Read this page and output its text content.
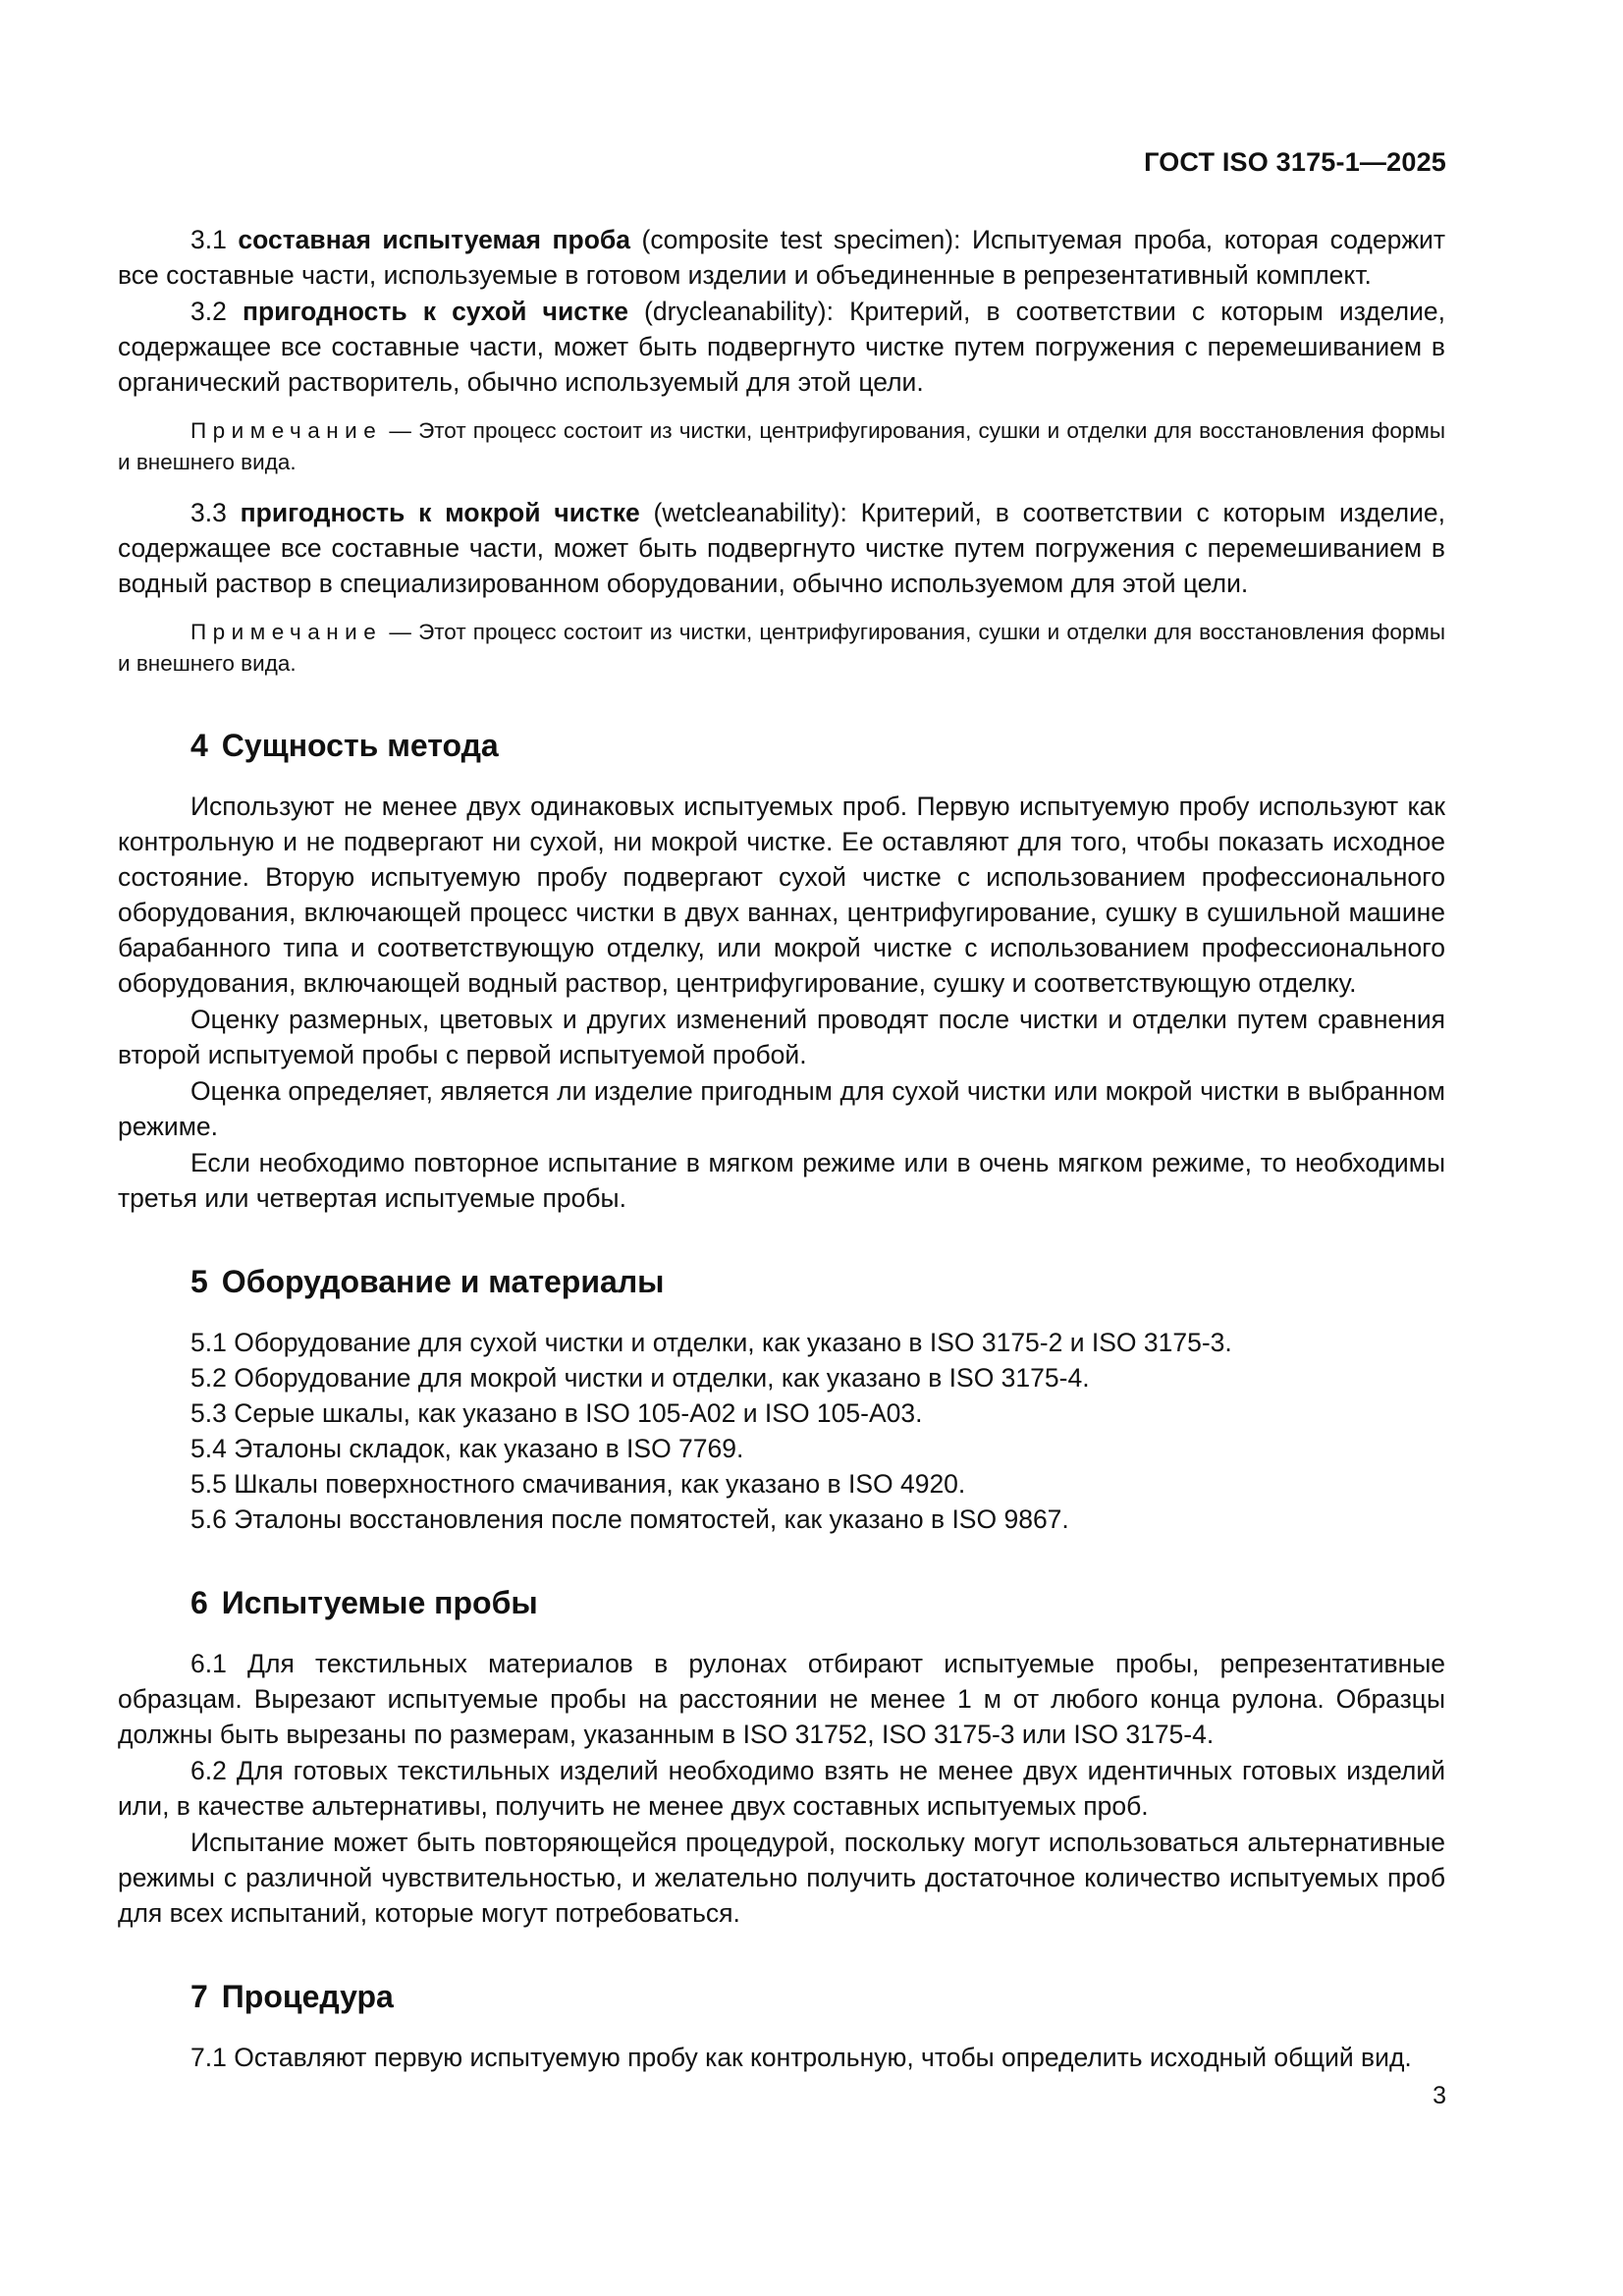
ГОСТ ISO 3175-1—2025

3.1 составная испытуемая проба (composite test specimen): Испытуемая проба, которая содержит все составные части, используемые в готовом изделии и объединенные в репрезентативный комплект.

3.2 пригодность к сухой чистке (drycleanability): Критерий, в соответствии с которым изделие, содержащее все составные части, может быть подвергнуто чистке путем погружения с перемешиванием в органический растворитель, обычно используемый для этой цели.

Примечание — Этот процесс состоит из чистки, центрифугирования, сушки и отделки для восстановления формы и внешнего вида.

3.3 пригодность к мокрой чистке (wetcleanability): Критерий, в соответствии с которым изделие, содержащее все составные части, может быть подвергнуто чистке путем погружения с перемешиванием в водный раствор в специализированном оборудовании, обычно используемом для этой цели.

Примечание — Этот процесс состоит из чистки, центрифугирования, сушки и отделки для восстановления формы и внешнего вида.

4 Сущность метода

Используют не менее двух одинаковых испытуемых проб. Первую испытуемую пробу используют как контрольную и не подвергают ни сухой, ни мокрой чистке. Ее оставляют для того, чтобы показать исходное состояние. Вторую испытуемую пробу подвергают сухой чистке с использованием профессионального оборудования, включающей процесс чистки в двух ваннах, центрифугирование, сушку в сушильной машине барабанного типа и соответствующую отделку, или мокрой чистке с использованием профессионального оборудования, включающей водный раствор, центрифугирование, сушку и соответствующую отделку.

Оценку размерных, цветовых и других изменений проводят после чистки и отделки путем сравнения второй испытуемой пробы с первой испытуемой пробой.

Оценка определяет, является ли изделие пригодным для сухой чистки или мокрой чистки в выбранном режиме.

Если необходимо повторное испытание в мягком режиме или в очень мягком режиме, то необходимы третья или четвертая испытуемые пробы.

5 Оборудование и материалы

5.1 Оборудование для сухой чистки и отделки, как указано в ISO 3175-2 и ISO 3175-3.

5.2 Оборудование для мокрой чистки и отделки, как указано в ISO 3175-4.

5.3 Серые шкалы, как указано в ISO 105-A02 и ISO 105-A03.

5.4 Эталоны складок, как указано в ISO 7769.

5.5 Шкалы поверхностного смачивания, как указано в ISO 4920.

5.6 Эталоны восстановления после помятостей, как указано в ISO 9867.

6 Испытуемые пробы

6.1 Для текстильных материалов в рулонах отбирают испытуемые пробы, репрезентативные образцам. Вырезают испытуемые пробы на расстоянии не менее 1 м от любого конца рулона. Образцы должны быть вырезаны по размерам, указанным в ISO 31752, ISO 3175-3 или ISO 3175-4.

6.2 Для готовых текстильных изделий необходимо взять не менее двух идентичных готовых изделий или, в качестве альтернативы, получить не менее двух составных испытуемых проб.

Испытание может быть повторяющейся процедурой, поскольку могут использоваться альтернативные режимы с различной чувствительностью, и желательно получить достаточное количество испытуемых проб для всех испытаний, которые могут потребоваться.

7 Процедура

7.1 Оставляют первую испытуемую пробу как контрольную, чтобы определить исходный общий вид.

3
